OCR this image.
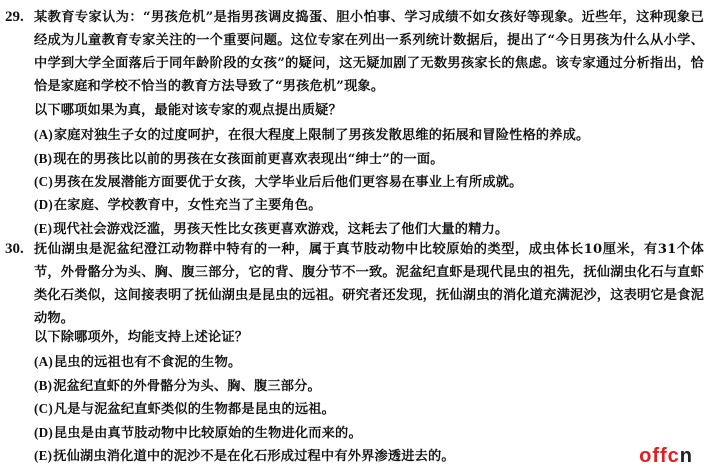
29. 某教育专家认为：“男孩危机”是指男孩调皮捣蛋、胆小怕事、学习成绩不如女孩好等现象。近些年，这种现象已经成为儿童教育专家关注的一个重要问题。这位专家在列出一系列统计数据后，提出了“今日男孩为什么从小学、中学到大学全面落后于同年龄阶段的女孩”的疑问，这无疑加剧了无数男孩家长的焦虑。该专家通过分析指出，恰恰是家庭和学校不恰当的教育方法导致了“男孩危机”现象。
以下哪项如果为真，最能对该专家的观点提出质疑？
(A)家庭对独生子女的过度呵护，在很大程度上限制了男孩发散思维的拓展和冒险性格的养成。
(B)现在的男孩比以前的男孩在女孩面前更喜欢表现出“绅士”的一面。
(C)男孩在发展潜能方面要优于女孩，大学毕业后后他们更容易在事业上有所成就。
(D)在家庭、学校教育中，女性充当了主要角色。
(E)现代社会游戏泛滥，男孩天性比女孩更喜欢游戏，这耗去了他们大量的精力。
30. 抚仙湖虫是泥盆纪澄江动物群中特有的一种，属于真节肢动物中比较原始的类型，成虫体长10厘米，有31个体节，外骨骼分为头、胸、腹三部分，它的背、腹分节不一致。泥盆纪直虾是现代昆虫的祖先，抚仙湖虫化石与直虾类化石类似，这间接表明了抚仙湖虫是昆虫的远祖。研究者还发现，抚仙湖虫的消化道充满泥沙，这表明它是食泥动物。
以下除哪项外，均能支持上述论证？
(A)昆虫的远祖也有不食泥的生物。
(B)泥盆纪直虾的外骨骼分为头、胸、腹三部分。
(C)凡是与泥盆纪直虾类似的生物都是昆虫的远祖。
(D)昆虫是由真节肢动物中比较原始的生物进化而来的。
(E)抚仙湖虫消化道中的泥沙不是在化石形成过程中有外界渗透进去的。	offcn
